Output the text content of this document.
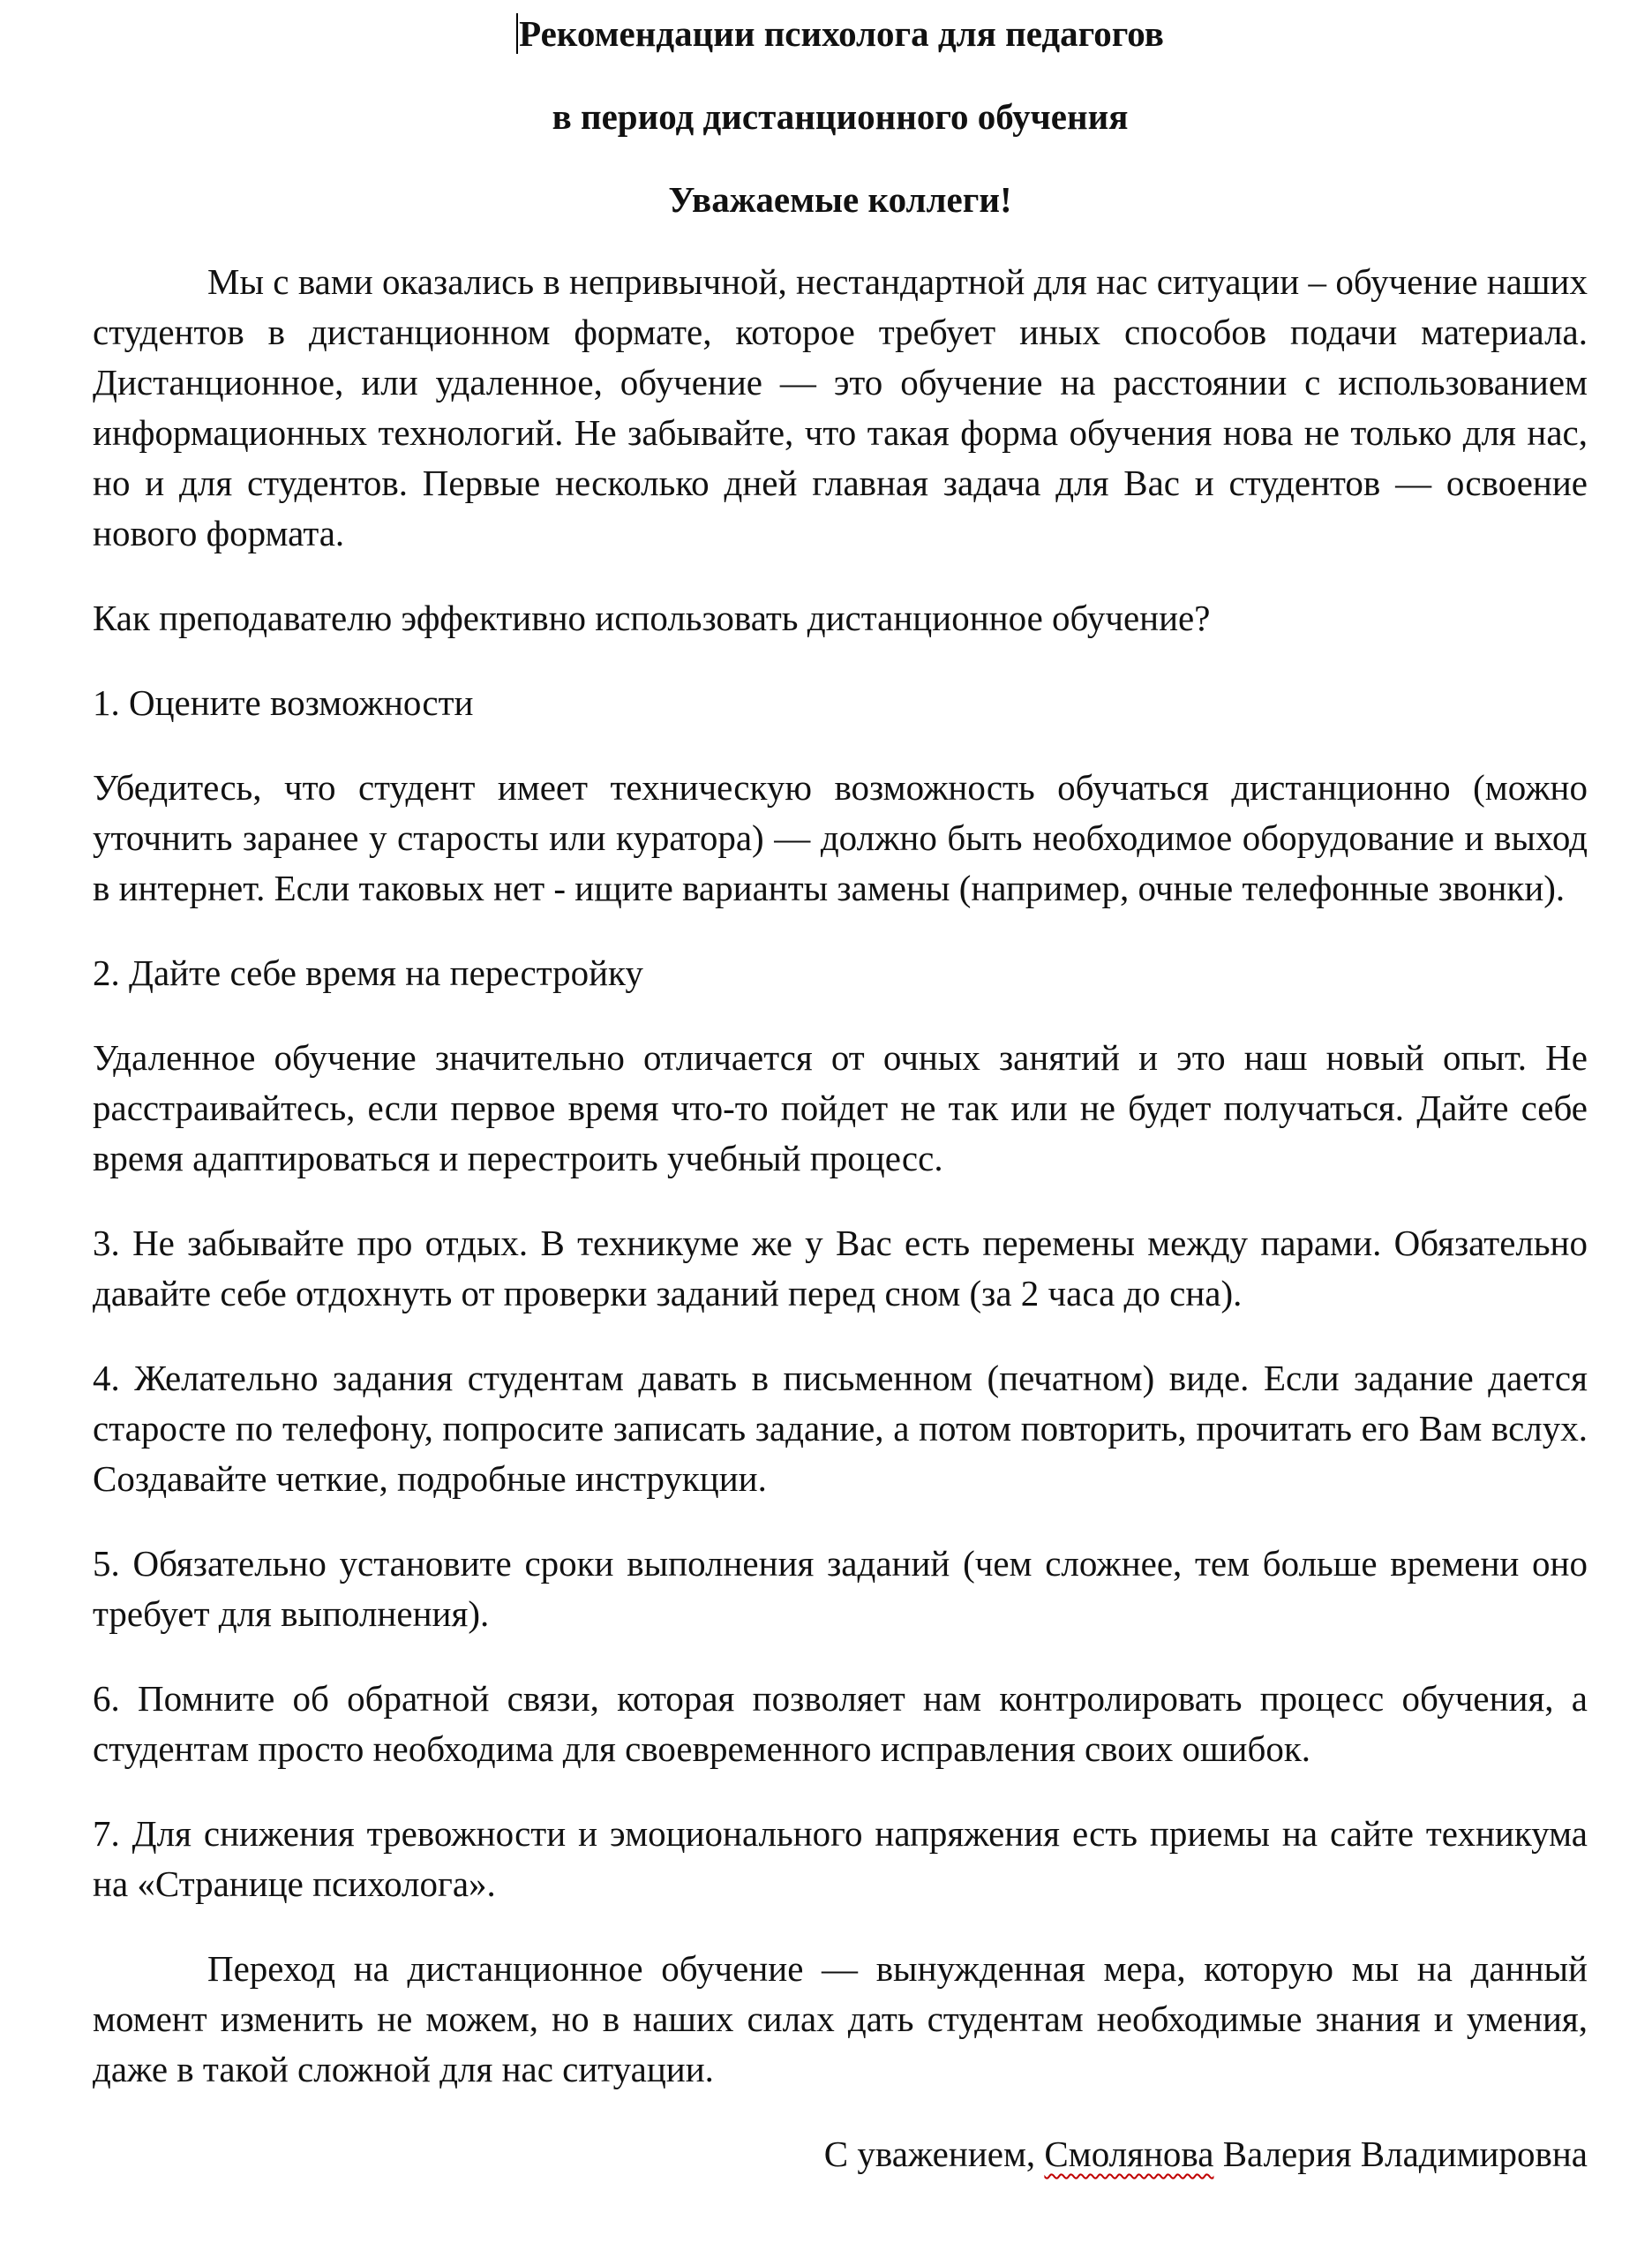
Рекомендации психолога для педагогов
в период дистанционного обучения
Уважаемые коллеги!

Мы с вами оказались в непривычной, нестандартной для нас ситуации – обучение наших студентов в дистанционном формате, которое требует иных способов подачи материала. Дистанционное, или удаленное, обучение — это обучение на расстоянии с использованием информационных технологий. Не забывайте, что такая форма обучения нова не только для нас, но и для студентов. Первые несколько дней главная задача для Вас и студентов — освоение нового формата.

Как преподавателю эффективно использовать дистанционное обучение?

1. Оцените возможности

Убедитесь, что студент имеет техническую возможность обучаться дистанционно (можно уточнить заранее у старосты или куратора) — должно быть необходимое оборудование и выход в интернет. Если таковых нет - ищите варианты замены (например, очные телефонные звонки).

2. Дайте себе время на перестройку

Удаленное обучение значительно отличается от очных занятий и это наш новый опыт. Не расстраивайтесь, если первое время что-то пойдет не так или не будет получаться. Дайте себе время адаптироваться и перестроить учебный процесс.

3. Не забывайте про отдых. В техникуме же у Вас есть перемены между парами. Обязательно давайте себе отдохнуть от проверки заданий перед сном (за 2 часа до сна).

4. Желательно задания студентам давать в письменном (печатном) виде. Если задание дается старосте по телефону, попросите записать задание, а потом повторить, прочитать его Вам вслух. Создавайте четкие, подробные инструкции.

5. Обязательно установите сроки выполнения заданий (чем сложнее, тем больше времени оно требует для выполнения).

6. Помните об обратной связи, которая позволяет нам контролировать процесс обучения, а студентам просто необходима для своевременного исправления своих ошибок.

7. Для снижения тревожности и эмоционального напряжения есть приемы на сайте техникума на «Странице психолога».

Переход на дистанционное обучение — вынужденная мера, которую мы на данный момент изменить не можем, но в наших силах дать студентам необходимые знания и умения, даже в такой сложной для нас ситуации.

С уважением, Смолянова Валерия Владимировна
